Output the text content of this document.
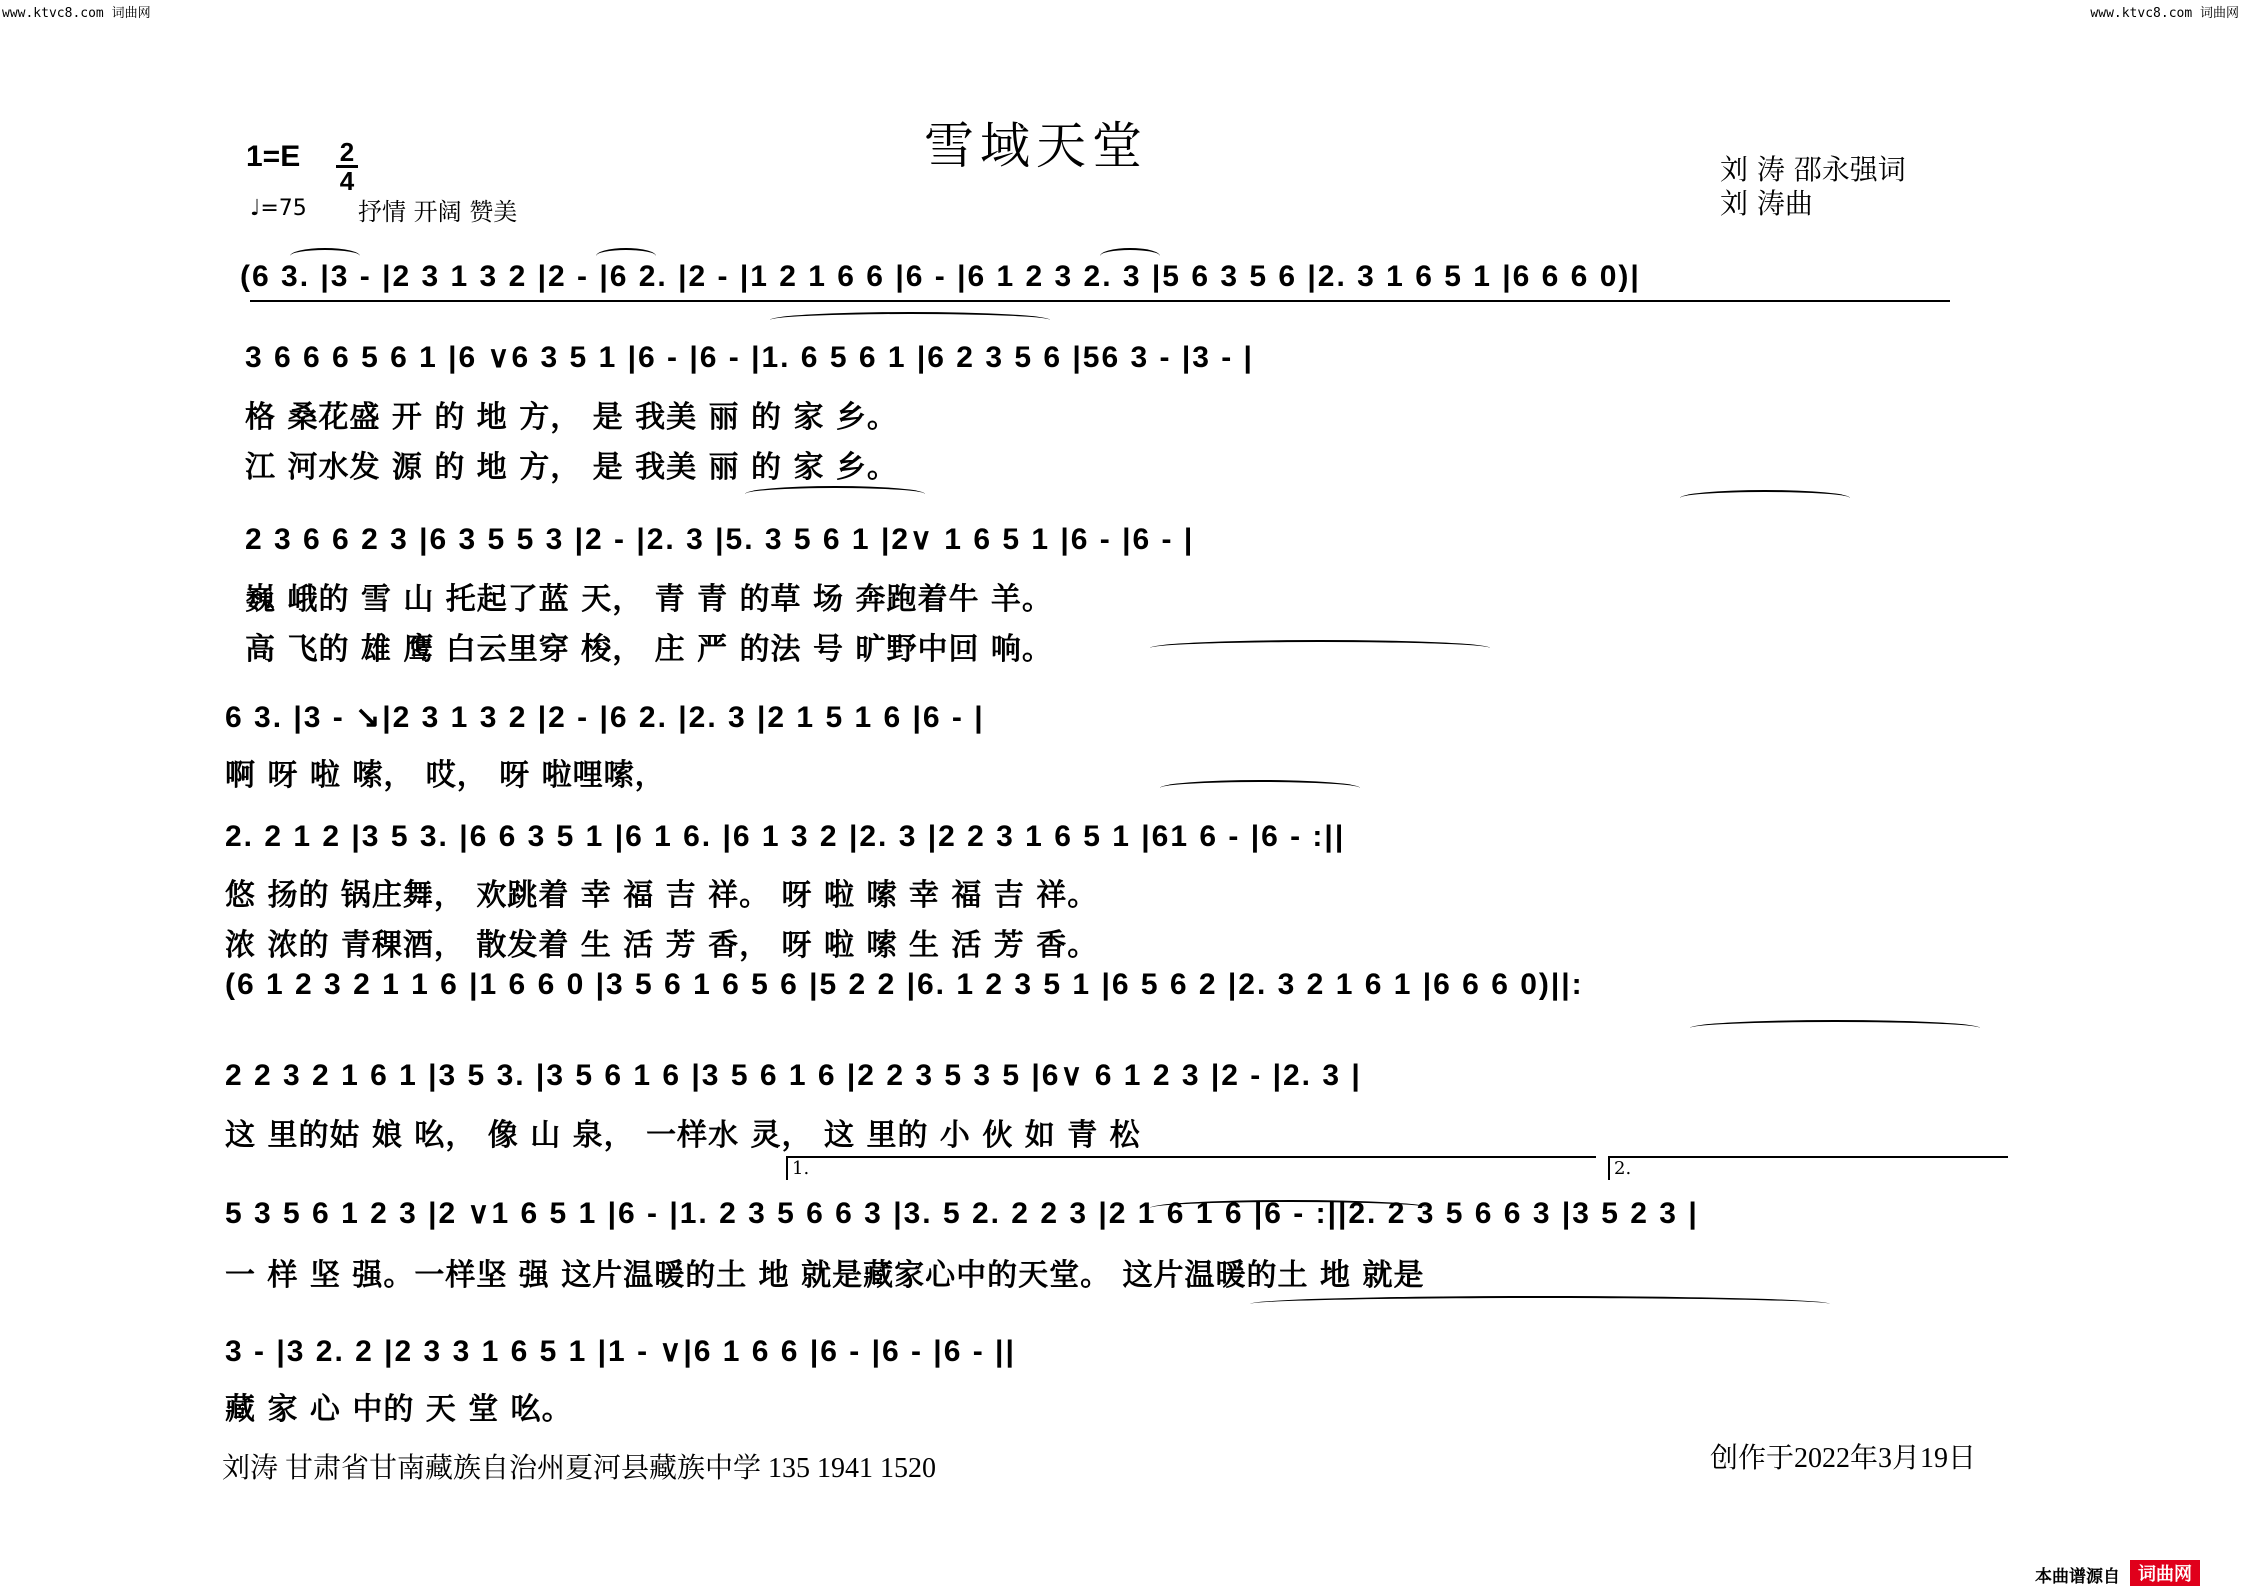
www.ktvc8.com 词曲网	www.ktvc8.com 词曲网
雪域天堂
1=E 2
4
♩=75 抒情 开阔 赞美
刘 涛 邵永强词
刘 涛曲
(6 3. |3 - |2 3 1 3 2 |2 - |6 2. |2 - |1 2 1 6 6 |6 - |6 1 2 3 2. 3 |5 6 3 5 6 |2. 3 1 6 5 1 |6 6 6 0)|
3 6 6 6 5 6 1 |6 ∨6 3 5 1 |6 - |6 - |1. 6 5 6 1 |6 2 3 5 6 |56 3 - |3 - |
格 桑花盛 开 的 地 方， 是 我美 丽 的 家 乡。
江 河水发 源 的 地 方， 是 我美 丽 的 家 乡。
2 3 6 6 2 3 |6 3 5 5 3 |2 - |2. 3 |5. 3 5 6 1 |2∨ 1 6 5 1 |6 - |6 - |
巍 峨的 雪 山 托起了蓝 天， 青 青 的草 场 奔跑着牛 羊。
高 飞的 雄 鹰 白云里穿 梭， 庄 严 的法 号 旷野中回 响。
6 3. |3 - ↘|2 3 1 3 2 |2 - |6 2. |2. 3 |2 1 5 1 6 |6 - |
啊 呀 啦 嗦， 哎， 呀 啦哩嗦，
2. 2 1 2 |3 5 3. |6 6 3 5 1 |6 1 6. |6 1 3 2 |2. 3 |2 2 3 1 6 5 1 |61 6 - |6 - :||
悠 扬的 锅庄舞， 欢跳着 幸 福 吉 祥。 呀 啦 嗦 幸 福 吉 祥。
浓 浓的 青稞酒， 散发着 生 活 芳 香， 呀 啦 嗦 生 活 芳 香。
(6 1 2 3 2 1 1 6 |1 6 6 0 |3 5 6 1 6 5 6 |5 2 2 |6. 1 2 3 5 1 |6 5 6 2 |2. 3 2 1 6 1 |6 6 6 0)||:
2 2 3 2 1 6 1 |3 5 3. |3 5 6 1 6 |3 5 6 1 6 |2 2 3 5 3 5 |6∨ 6 1 2 3 |2 - |2. 3 |
这 里的姑 娘 吆， 像 山 泉， 一样水 灵， 这 里的 小 伙 如 青 松
1.	2.
5 3 5 6 1 2 3 |2 ∨1 6 5 1 |6 - |1. 2 3 5 6 6 3 |3. 5 2. 2 2 3 |2 1 6 1 6 |6 - :||2. 2 3 5 6 6 3 |3 5 2 3 |
一 样 坚 强。一样坚 强 这片温暖的土 地 就是藏家心中的天堂。 这片温暖的土 地 就是
3 - |3 2. 2 |2 3 3 1 6 5 1 |1 - ∨|6 1 6 6 |6 - |6 - |6 - ||
藏 家 心 中的 天 堂 吆。
刘涛 甘肃省甘南藏族自治州夏河县藏族中学 135 1941 1520	创作于2022年3月19日
本曲谱源自	词曲网
